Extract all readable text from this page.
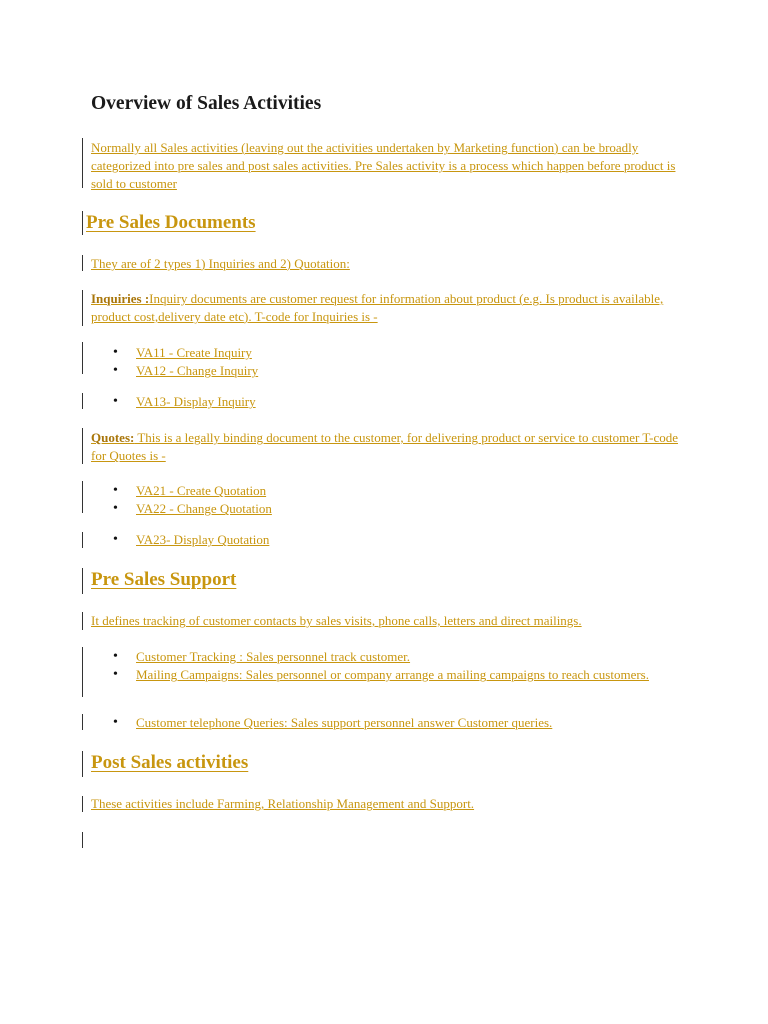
Overview of Sales Activities

Normally all Sales activities (leaving out the activities undertaken by Marketing function) can be broadly categorized into pre sales and post sales activities. Pre Sales activity is a process which happen before product is sold to customer

Pre Sales Documents

They are of 2 types 1) Inquiries and 2) Quotation:

Inquiries :Inquiry documents are customer request for information about product (e.g. Is product is available, product cost,delivery date etc). T-code for Inquiries is -

• VA11 - Create Inquiry
• VA12 - Change Inquiry
• VA13- Display Inquiry

Quotes: This is a legally binding document to the customer, for delivering product or service to customer T-code for Quotes is -

• VA21 - Create Quotation
• VA22 - Change Quotation
• VA23- Display Quotation
Pre Sales Support

It defines tracking of customer contacts by sales visits, phone calls, letters and direct mailings.

• Customer Tracking : Sales personnel track customer.
• Mailing Campaigns: Sales personnel or company arrange a mailing campaigns to reach customers.
• Customer telephone Queries: Sales support personnel answer Customer queries.
Post Sales activities

These activities include Farming, Relationship Management and Support.
